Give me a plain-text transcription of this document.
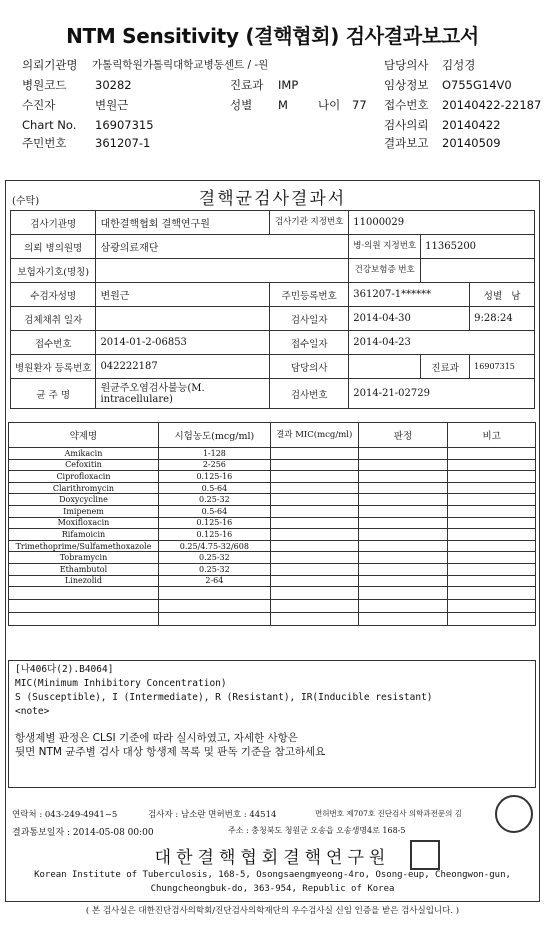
NTM Sensitivity (결핵협회) 검사결과보고서
의뢰기관명 가톨릭학원가톨릭대학교병동센트 / -원
병원코드 30282	진료과 IMP
수진자	변원근	성별 M	나이 77
Chart No. 16907315
주민번호 361207-1
담당의사 김성경
임상정보 O755G14V0
접수번호 20140422-22187
검사의뢰 20140422
결과보고 20140509
(수탁)	결핵균검사결과서
검사기관명	대한결핵협회 결핵연구원	검사기관 지정번호	11000029		
의뢰 병의원명	삼광의료재단		병·의원 지정번호	11365200	
보험자기호(명칭)			건강보험증 번호		
수검자성명	변원근	주민등록번호	361207-1******		성별 남
검체채취 일자		검사일자	2014-04-30		9:28:24
접수번호	2014-01-2-06853	접수일자	2014-04-23		
병원환자 등록번호	042222187	담당의사		진료과	16907315
균 주 명	원균주오염검사불능(M. intracellulare)	검사번호	2014-21-02729		
약제명	시험농도(mcg/ml)	결과 MIC(mcg/ml)	판정	비고
Amikacin	1-128			
Cefoxitin	2-256			
Ciprofloxacin	0.125-16			
Clarithromycin	0.5-64			
Doxycycline	0.25-32			
Imipenem	0.5-64			
Moxifloxacin	0.125-16			
Rifamoicin	0.125-16			
Trimethoprime/Sulfamethoxazole	0.25/4.75-32/608			
Tobramycin	0.25-32			
Ethambutol	0.25-32			
Linezolid	2-64			

[나406다(2).B4064]
MIC(Minimum Inhibitory Concentration)
S (Susceptible), I (Intermediate), R (Resistant), IR(Inducible resistant)
<note>
항생제별 판정은 CLSI 기준에 따라 실시하였고, 자세한 사항은
뒷면 NTM 균주별 검사 대상 항생제 목록 및 판독 기준을 참고하세요
연락처 : 043-249-4941~5	검사자 : 남소란 면허번호 : 44514	면허번호 제707호 진단검사 의학과전문의 김
결과통보일자 : 2014-05-08 00:00	주소 : 충청북도 청원군 오송읍 오송생명4로 168-5
대한결핵협회결핵연구원
Korean Institute of Tuberculosis, 168-5, Osongsaengmyeong-4ro, Osong-eup, Cheongwon-gun,
Chungcheongbuk-do, 363-954, Republic of Korea
( 본 검사실은 대한진단검사의학회/진단검사의학재단의 우수검사실 신임 인증을 받은 검사실입니다. )
